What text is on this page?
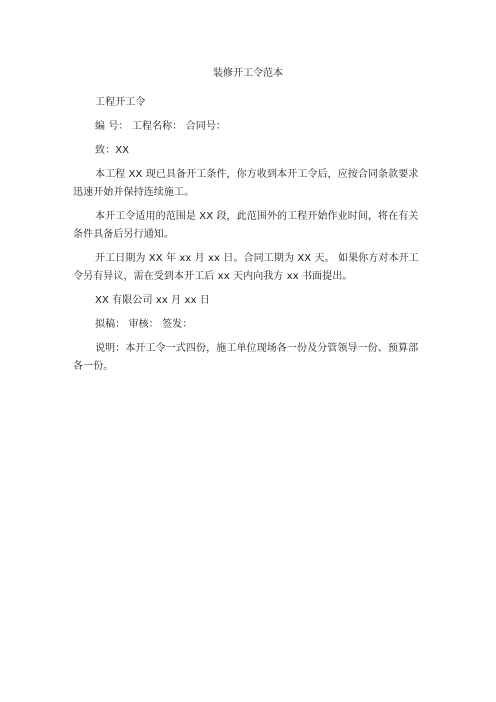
装修开工令范本

工程开工令

编 号： 工程名称： 合同号：

致：XX

本工程 XX 现已具备开工条件，你方收到本开工令后，应按合同条款要求迅速开始并保持连续施工。

本开工令适用的范围是 XX 段，此范围外的工程开始作业时间，将在有关条件具备后另行通知。

开工日期为 XX 年 xx 月 xx 日。合同工期为 XX 天。 如果你方对本开工令另有异议，需在受到本开工后 xx 天内向我方 xx 书面提出。

XX 有限公司 xx 月 xx 日

拟稿： 审核： 签发：

说明：本开工令一式四份，施工单位现场各一份及分管领导一份、预算部各一份。
